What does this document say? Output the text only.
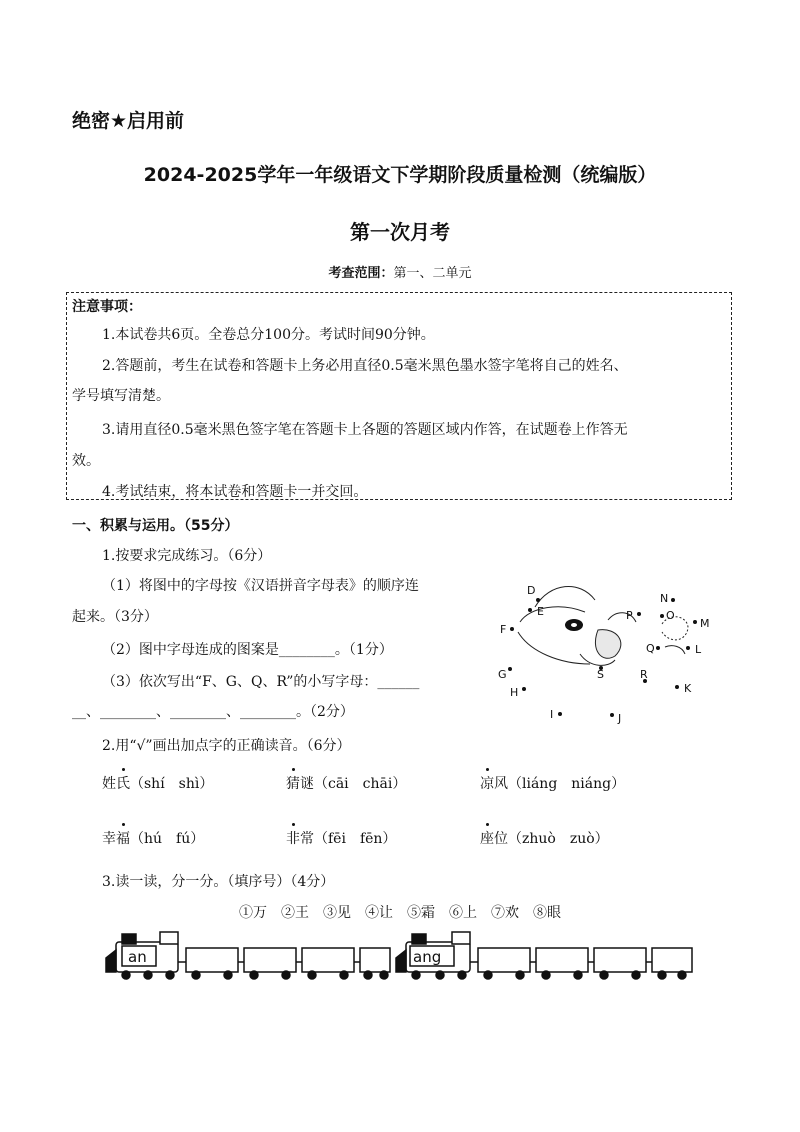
绝密★启用前
2024-2025学年一年级语文下学期阶段质量检测（统编版）
第一次月考
考查范围：第一、二单元
注意事项：
1.本试卷共6页。全卷总分100分。考试时间90分钟。
2.答题前，考生在试卷和答题卡上务必用直径0.5毫米黑色墨水签字笔将自己的姓名、
学号填写清楚。
3.请用直径0.5毫米黑色签字笔在答题卡上各题的答题区域内作答，在试题卷上作答无
效。
4.考试结束，将本试卷和答题卡一并交回。
一、积累与运用。（55分）
1.按要求完成练习。（6分）
（1）将图中的字母按《汉语拼音字母表》的顺序连
起来。（3分）
（2）图中字母连成的图案是________。（1分）
（3）依次写出“F、G、Q、R”的小写字母：______
__、________、________、________。（2分）
D
E
F
G
H
I	J
K
L
M
N
O
P
Q
R
S
2.用“√”画出加点字的正确读音。（6分）
姓氏（shí　shì）	猜谜（cāi　chāi）	凉风（liáng　niáng）
幸福（hú　fú）	非常（fēi　fēn）	座位（zhuò　zuò）
3.读一读，分一分。（填序号）（4分）
①万　②王　③见　④让　⑤霜　⑥上　⑦欢　⑧眼
an	ang
